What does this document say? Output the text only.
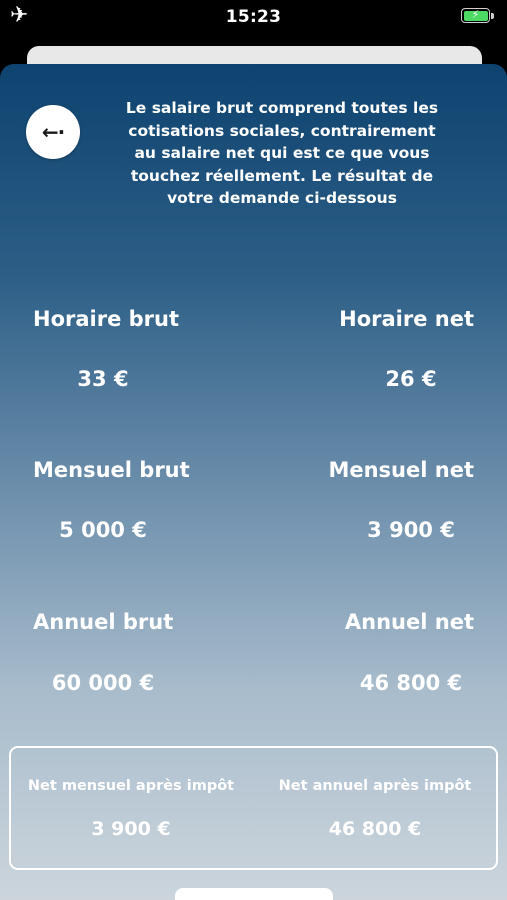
✈	15:23	⚡
←·
Le salaire brut comprend toutes les cotisations sociales, contrairement au salaire net qui est ce que vous touchez réellement. Le résultat de votre demande ci-dessous
Horaire brut	Horaire net
33 €	26 €
Mensuel brut	Mensuel net
5 000 €	3 900 €
Annuel brut	Annuel net
60 000 €	46 800 €
Net mensuel après impôt	Net annuel après impôt
3 900 €	46 800 €
